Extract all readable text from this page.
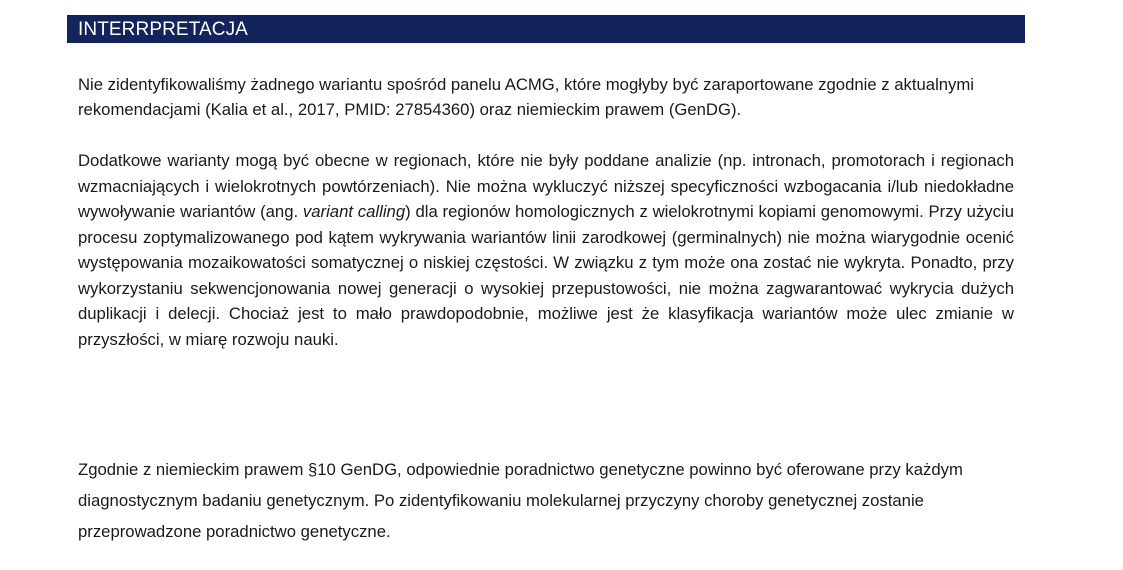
INTERRPRETACJA

Nie zidentyfikowaliśmy żadnego wariantu spośród panelu ACMG, które mogłyby być zaraportowane zgodnie z aktualnymi rekomendacjami (Kalia et al., 2017, PMID: 27854360) oraz niemieckim prawem (GenDG).

Dodatkowe warianty mogą być obecne w regionach, które nie były poddane analizie (np. intronach, promotorach i regionach wzmacniających i wielokrotnych powtórzeniach). Nie można wykluczyć niższej specyficzności wzbogacania i/lub niedokładne wywoływanie wariantów (ang. variant calling) dla regionów homologicznych z wielokrotnymi kopiami genomowymi. Przy użyciu procesu zoptymalizowanego pod kątem wykrywania wariantów linii zarodkowej (germinalnych) nie można wiarygodnie ocenić występowania mozaikowatości somatycznej o niskiej częstości. W związku z tym może ona zostać nie wykryta. Ponadto, przy wykorzystaniu sekwencjonowania nowej generacji o wysokiej przepustowości, nie można zagwarantować wykrycia dużych duplikacji i delecji. Chociaż jest to mało prawdopodobnie, możliwe jest że klasyfikacja wariantów może ulec zmianie w przyszłości, w miarę rozwoju nauki.

Zgodnie z niemieckim prawem §10 GenDG, odpowiednie poradnictwo genetyczne powinno być oferowane przy każdym diagnostycznym badaniu genetycznym. Po zidentyfikowaniu molekularnej przyczyny choroby genetycznej zostanie przeprowadzone poradnictwo genetyczne.
